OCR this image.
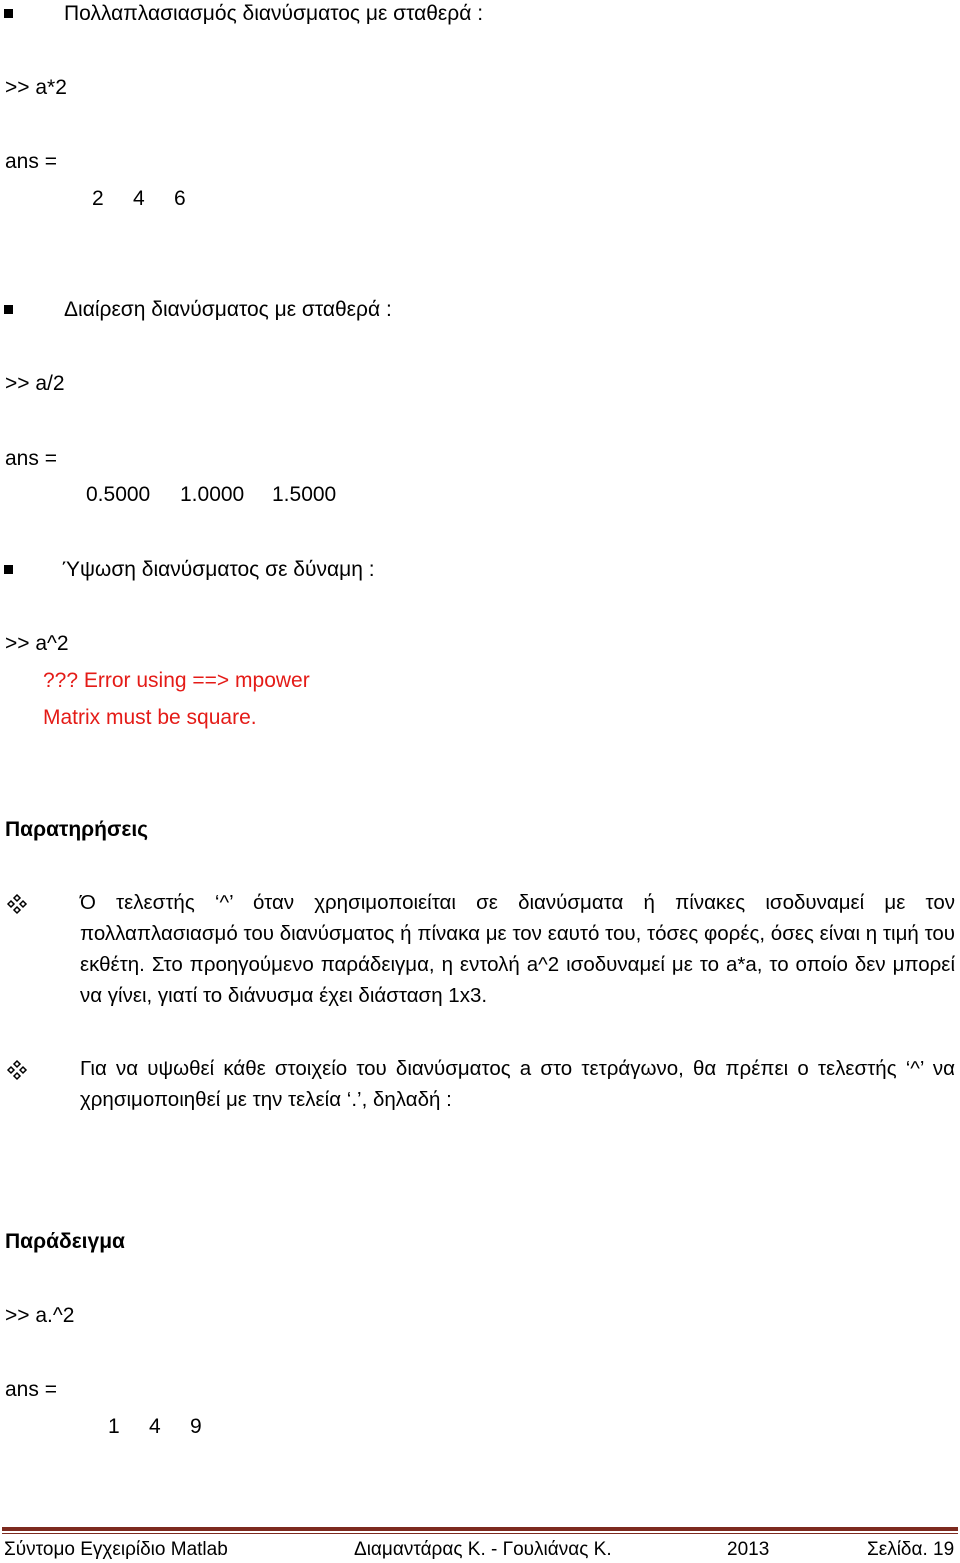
Πολλαπλασιασμός διανύσματος με σταθερά :
>> a*2
ans =
2 4 6
Διαίρεση διανύσματος με σταθερά :
>> a/2
ans =
0.5000 1.0000 1.5000
Ύψωση διανύσματος σε δύναμη :
>> a^2
??? Error using ==> mpower
Matrix must be square.
Παρατηρήσεις
Ό τελεστής ‘^’ όταν χρησιμοποιείται σε διανύσματα ή πίνακες ισοδυναμεί με τον πολλαπλασιασμό του διανύσματος ή πίνακα με τον εαυτό του, τόσες φορές, όσες είναι η τιμή του εκθέτη. Στο προηγούμενο παράδειγμα, η εντολή a^2 ισοδυναμεί με το a*a, το οποίο δεν μπορεί να γίνει, γιατί το διάνυσμα έχει διάσταση 1x3.
Για να υψωθεί κάθε στοιχείο του διανύσματος a στο τετράγωνο, θα πρέπει ο τελεστής ‘^’ να χρησιμοποιηθεί με την τελεία ‘.’, δηλαδή :
Παράδειγμα
>> a.^2
ans =
1 4 9
Σύντομο Εγχειρίδιο Matlab	Διαμαντάρας Κ. - Γουλιάνας Κ.	2013	Σελίδα. 19
